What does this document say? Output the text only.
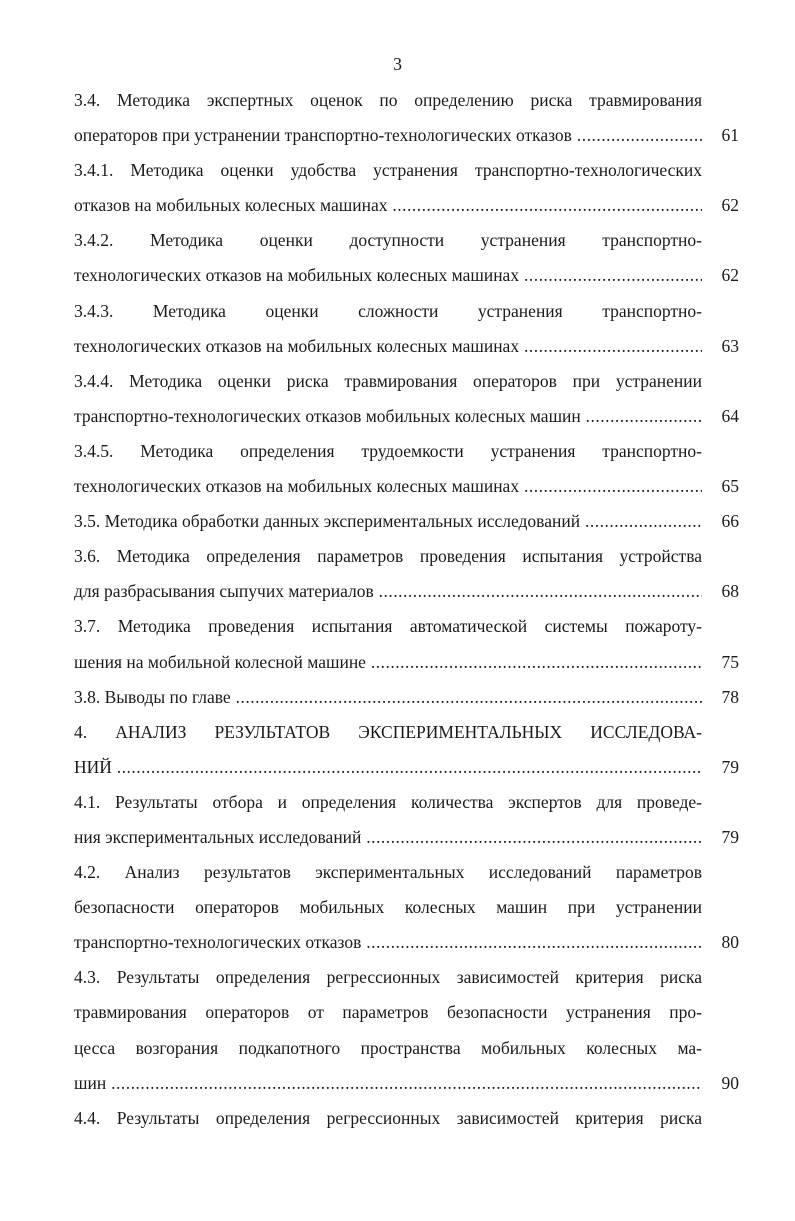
3
3.4. Методика экспертных оценок по определению риска травмирования
операторов при устранении транспортно-технологических отказов .....	61
3.4.1. Методика оценки удобства устранения транспортно-технологических
отказов на мобильных колесных машинах .....	62
3.4.2. Методика оценки доступности устранения транспортно-
технологических отказов на мобильных колесных машинах .....	62
3.4.3. Методика оценки сложности устранения транспортно-
технологических отказов на мобильных колесных машинах .....	63
3.4.4. Методика оценки риска травмирования операторов при устранении
транспортно-технологических отказов мобильных колесных машин .....	64
3.4.5. Методика определения трудоемкости устранения транспортно-
технологических отказов на мобильных колесных машинах .....	65
3.5. Методика обработки данных экспериментальных исследований .....	66
3.6. Методика определения параметров проведения испытания устройства
для разбрасывания сыпучих материалов .....	68
3.7. Методика проведения испытания автоматической системы пожароту-
шения на мобильной колесной машине .....	75
3.8. Выводы по главе .....	78
4. АНАЛИЗ РЕЗУЛЬТАТОВ ЭКСПЕРИМЕНТАЛЬНЫХ ИССЛЕДОВА-
НИЙ .....	79
4.1. Результаты отбора и определения количества экспертов для проведе-
ния экспериментальных исследований .....	79
4.2. Анализ результатов экспериментальных исследований параметров
безопасности операторов мобильных колесных машин при устранении
транспортно-технологических отказов .....	80
4.3. Результаты определения регрессионных зависимостей критерия риска
травмирования операторов от параметров безопасности устранения про-
цесса возгорания подкапотного пространства мобильных колесных ма-
шин .....	90
4.4. Результаты определения регрессионных зависимостей критерия риска
